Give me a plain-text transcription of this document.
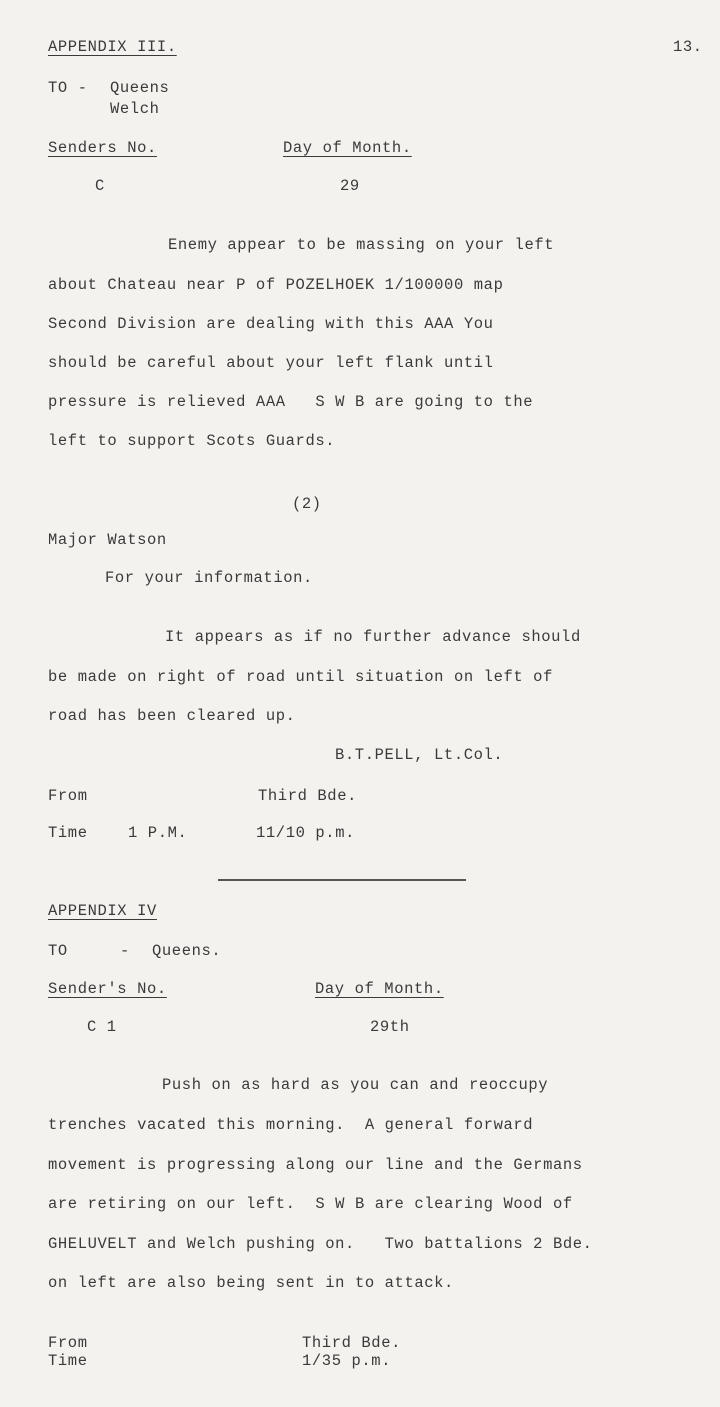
13.
APPENDIX III.
TO - Queens
Welch
Senders No.	Day of Month.
C	29
Enemy appear to be massing on your left
about Chateau near P of POZELHOEK 1/100000 map
Second Division are dealing with this AAA You
should be careful about your left flank until
pressure is relieved AAA   S W B are going to the
left to support Scots Guards.
(2)
Major Watson
For your information.
It appears as if no further advance should
be made on right of road until situation on left of
road has been cleared up.
B.T.PELL, Lt.Col.
From	Third Bde.
Time	1 P.M.	11/10 p.m.
APPENDIX IV
TO	- Queens.
Sender's No.	Day of Month.
C 1	29th
Push on as hard as you can and reoccupy
trenches vacated this morning.  A general forward
movement is progressing along our line and the Germans
are retiring on our left.  S W B are clearing Wood of
GHELUVELT and Welch pushing on.   Two battalions 2 Bde.
on left are also being sent in to attack.
From	Third Bde.
Time	1/35 p.m.
